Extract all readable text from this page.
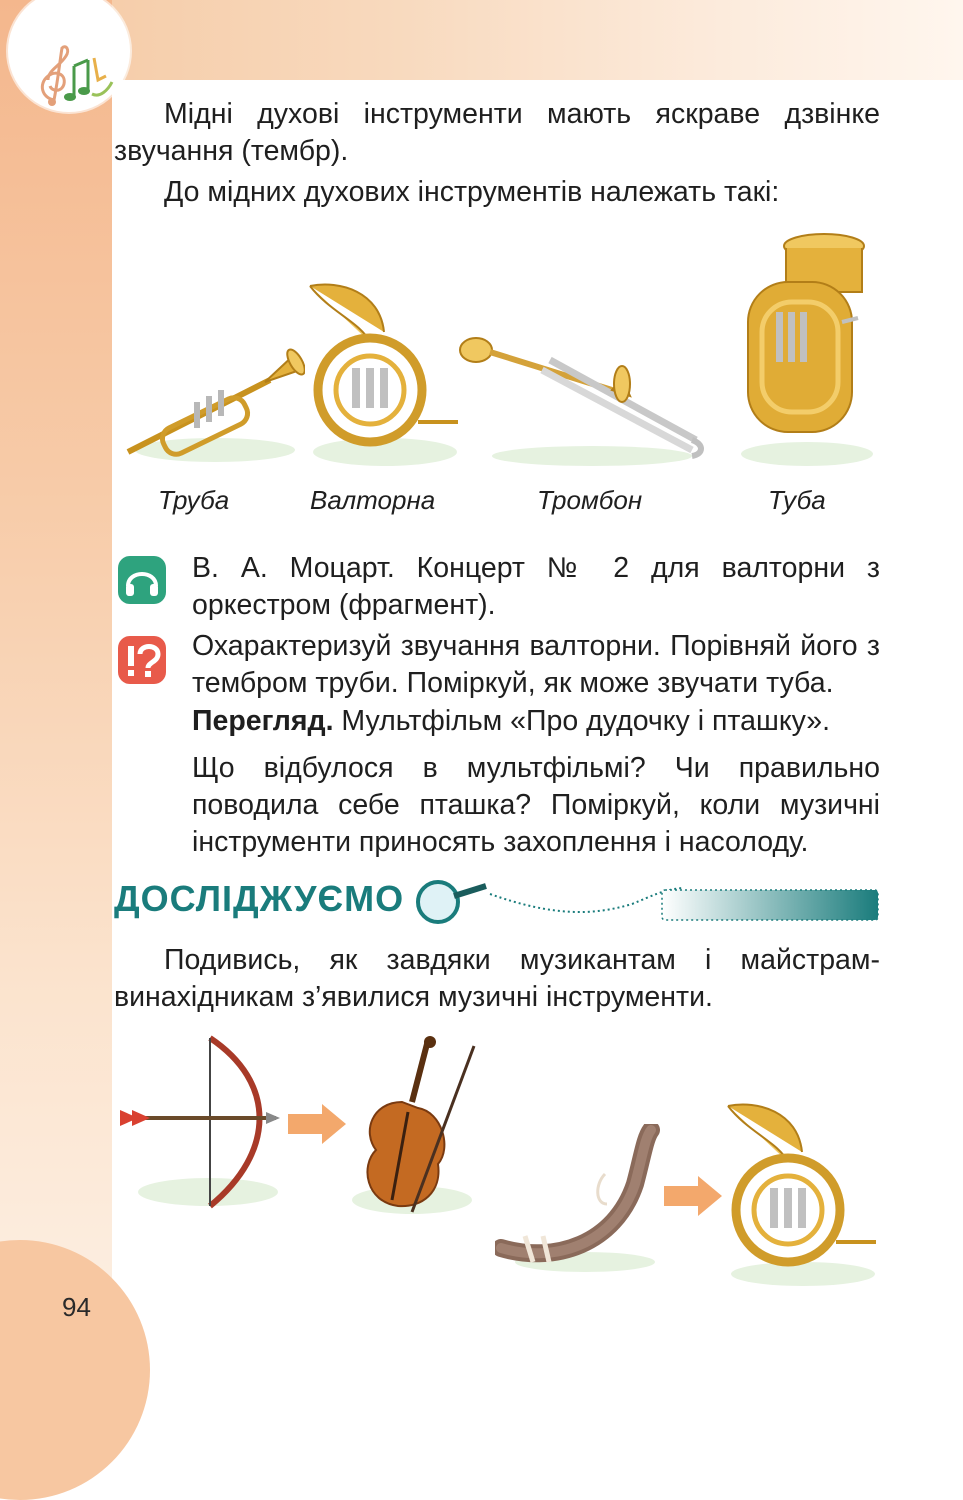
Мідні духові інструменти мають яскраве дзвінке звучання (тембр).
До мідних духових інструментів належать такі:
Труба	Валторна	Тромбон	Туба
В. А. Моцарт. Концерт № 2 для валторни з оркестром (фрагмент).
Охарактеризуй звучання валторни. Порівняй його з тембром труби. Поміркуй, як може звучати туба.
Перегляд. Мультфільм «Про дудочку і пташку».
Що відбулося в мультфільмі? Чи правильно поводила себе пташка? Поміркуй, коли музичні інструменти приносять захоплення і насолоду.
ДОСЛІДЖУЄМО
Подивись, як завдяки музикантам і майстрам-винахідникам з’явилися музичні інструменти.
94
